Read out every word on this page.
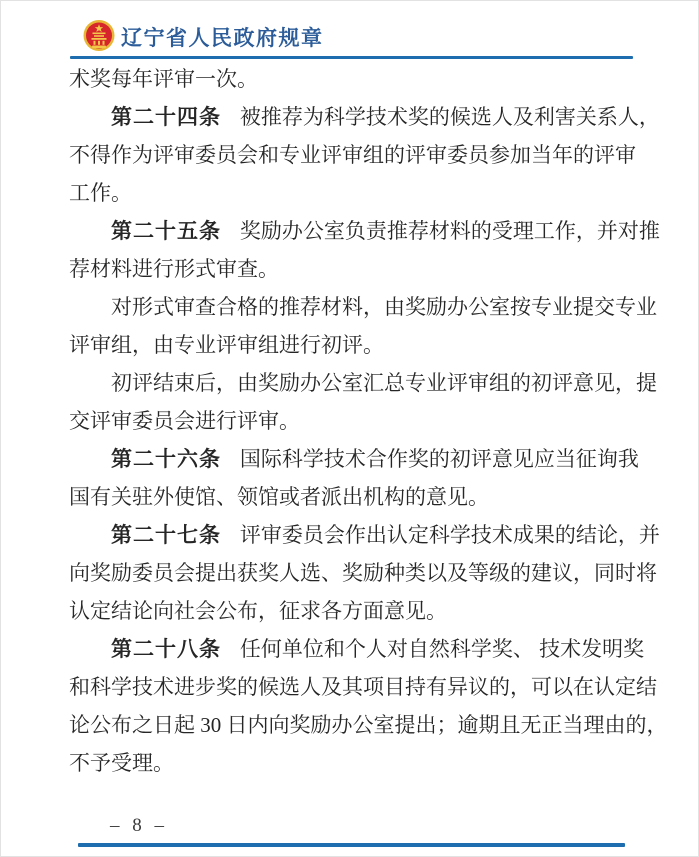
辽宁省人民政府规章
术奖每年评审一次。
第二十四条 被推荐为科学技术奖的候选人及利害关系人，
不得作为评审委员会和专业评审组的评审委员参加当年的评审
工作。
第二十五条 奖励办公室负责推荐材料的受理工作，并对推
荐材料进行形式审查。
对形式审查合格的推荐材料，由奖励办公室按专业提交专业
评审组，由专业评审组进行初评。
初评结束后，由奖励办公室汇总专业评审组的初评意见，提
交评审委员会进行评审。
第二十六条 国际科学技术合作奖的初评意见应当征询我
国有关驻外使馆、领馆或者派出机构的意见。
第二十七条 评审委员会作出认定科学技术成果的结论，并
向奖励委员会提出获奖人选、奖励种类以及等级的建议，同时将
认定结论向社会公布，征求各方面意见。
第二十八条 任何单位和个人对自然科学奖、 技术发明奖
和科学技术进步奖的候选人及其项目持有异议的，可以在认定结
论公布之日起 30 日内向奖励办公室提出；逾期且无正当理由的，
不予受理。
– 8 –
